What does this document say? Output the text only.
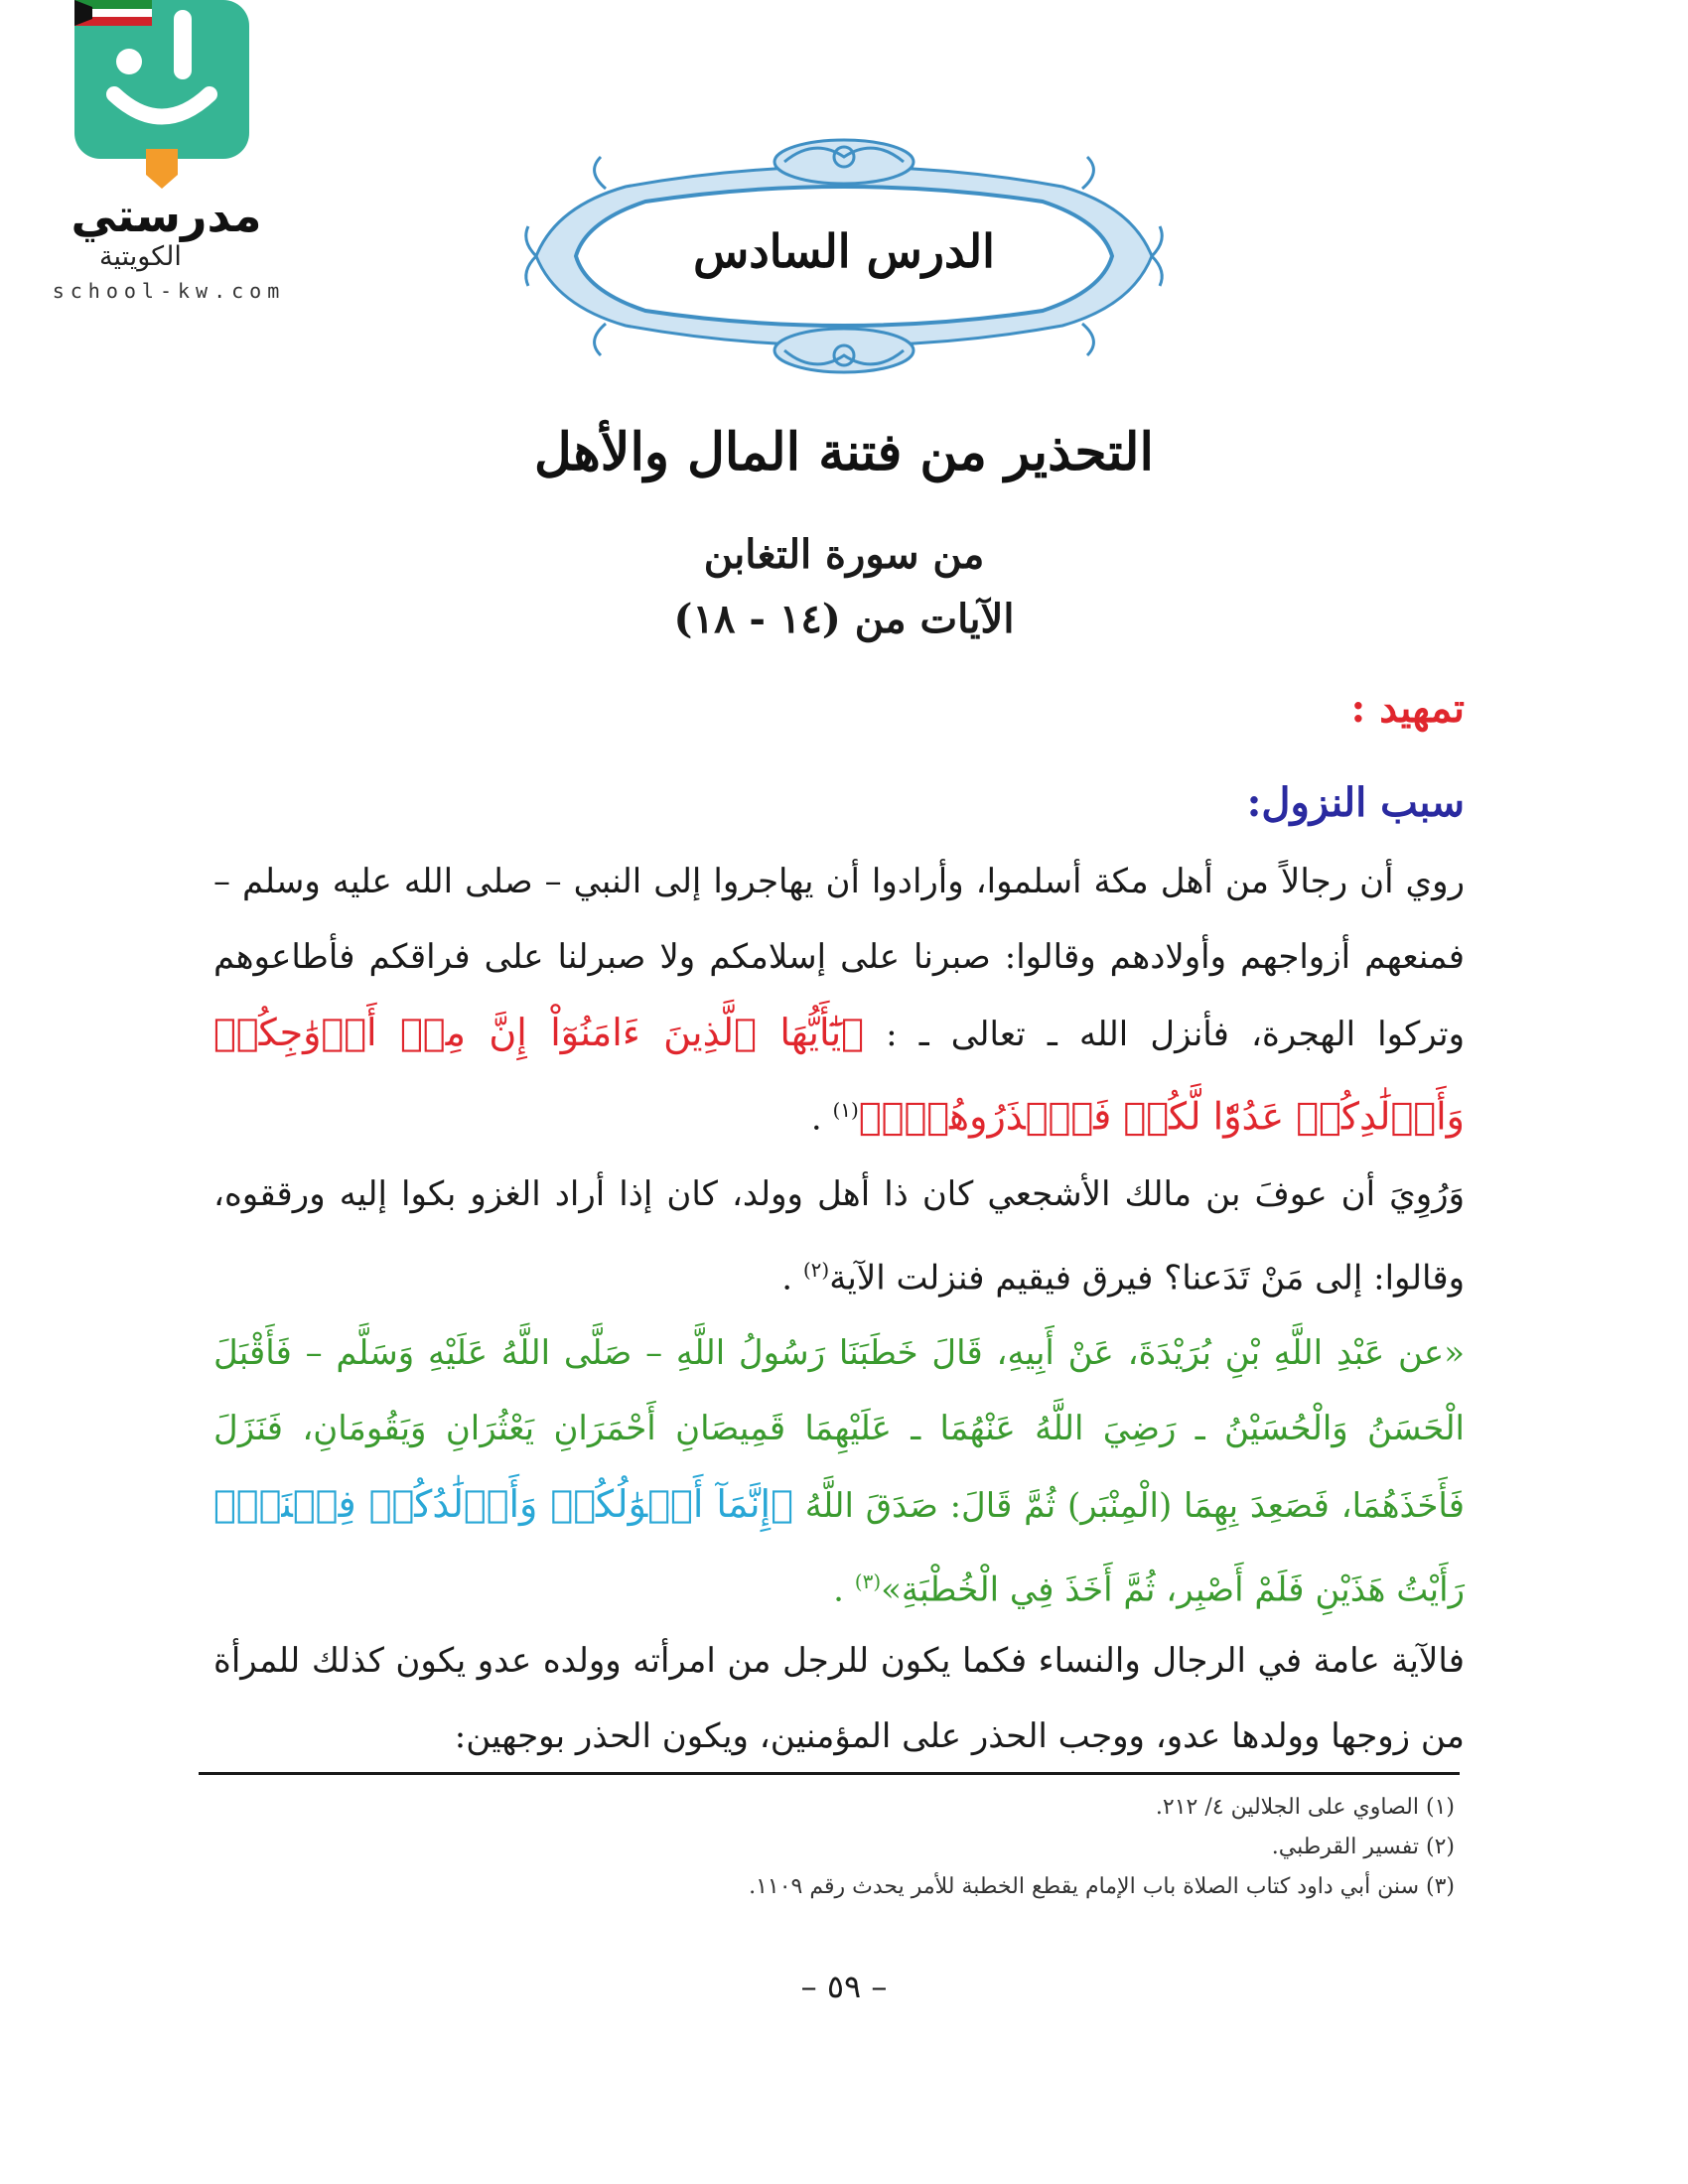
مدرستي
الكويتية
school-kw.com
الدرس السادس
التحذير من فتنة المال والأهل
من سورة التغابن
الآيات من (١٤ - ١٨)
تمهيد :
سبب النزول:
روي أن رجالاً من أهل مكة أسلموا، وأرادوا أن يهاجروا إلى النبي – صلى الله عليه وسلم – فمنعهم أزواجهم وأولادهم وقالوا: صبرنا على إسلامكم ولا صبرلنا على فراقكم فأطاعوهم وتركوا الهجرة، فأنزل الله ـ تعالى ـ : ﴿يَٰٓأَيُّهَا ٱلَّذِينَ ءَامَنُوٓاْ إِنَّ مِنۡ أَزۡوَٰجِكُمۡ وَأَوۡلَٰدِكُمۡ عَدُوّٗا لَّكُمۡ فَٱحۡذَرُوهُمۡۚ﴾$^{(١)}$ .
وَرُوِيَ أن عوفَ بن مالك الأشجعي كان ذا أهل وولد، كان إذا أراد الغزو بكوا إليه ورققوه، وقالوا: إلى مَنْ تَدَعنا؟ فيرق فيقيم فنزلت الآية$^{(٢)}$ .
«عن عَبْدِ اللَّهِ بْنِ بُرَيْدَةَ، عَنْ أَبِيهِ، قَالَ خَطَبَنَا رَسُولُ اللَّهِ – صَلَّى اللَّهُ عَلَيْهِ وَسَلَّم – فَأَقْبَلَ الْحَسَنُ وَالْحُسَيْنُ ـ رَضِيَ اللَّهُ عَنْهُمَا ـ عَلَيْهِمَا قَمِيصَانِ أَحْمَرَانِ يَعْثُرَانِ وَيَقُومَانِ، فَنَزَلَ فَأَخَذَهُمَا، فَصَعِدَ بِهِمَا (الْمِنْبَر) ثُمَّ قَالَ: صَدَقَ اللَّهُ ﴿إِنَّمَآ أَمۡوَٰلُكُمۡ وَأَوۡلَٰدُكُمۡ فِتۡنَةٞ﴾ رَأَيْتُ هَذَيْنِ فَلَمْ أَصْبِر، ثُمَّ أَخَذَ فِي الْخُطْبَةِ»$^{(٣)}$ .
فالآية عامة في الرجال والنساء فكما يكون للرجل من امرأته وولده عدو يكون كذلك للمرأة من زوجها وولدها عدو، ووجب الحذر على المؤمنين، ويكون الحذر بوجهين:
(١) الصاوي على الجلالين ٤/ ٢١٢.
(٢) تفسير القرطبي.
(٣) سنن أبي داود كتاب الصلاة باب الإمام يقطع الخطبة للأمر يحدث رقم ١١٠٩.
– ٥٩ –
